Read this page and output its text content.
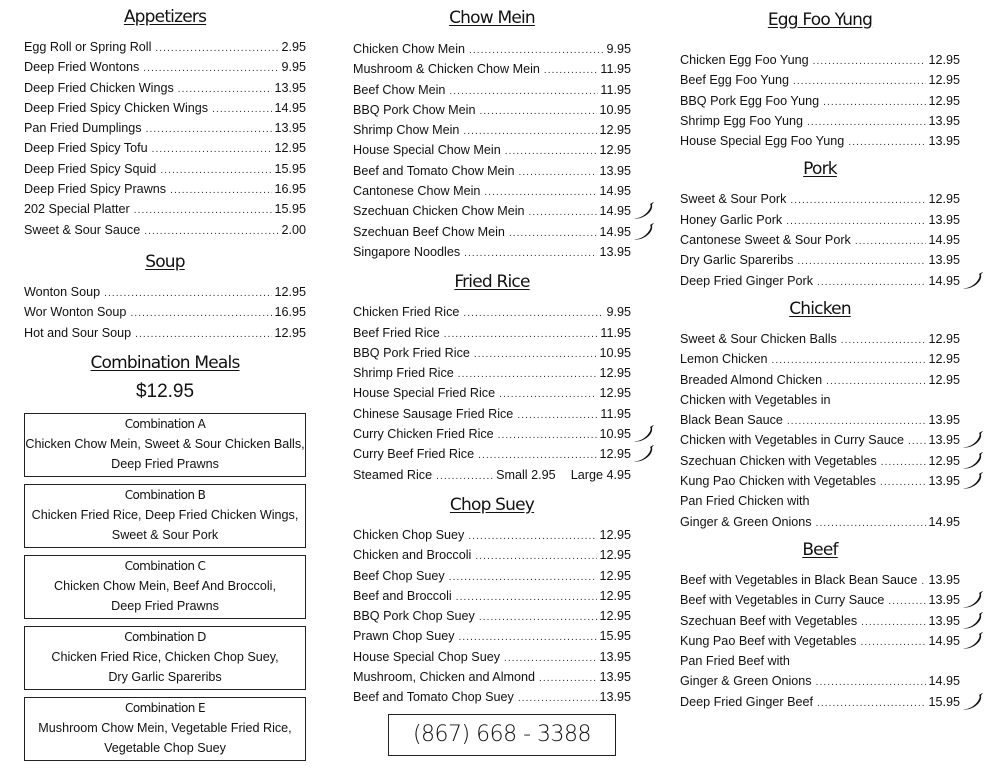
Appetizers
Egg Roll or Spring Roll .....	2.95
Deep Fried Wontons .....	9.95
Deep Fried Chicken Wings .....	13.95
Deep Fried Spicy Chicken Wings .....	14.95
Pan Fried Dumplings .....	13.95
Deep Fried Spicy Tofu .....	12.95
Deep Fried Spicy Squid .....	15.95
Deep Fried Spicy Prawns .....	16.95
202 Special Platter .....	15.95
Sweet & Sour Sauce .....	2.00
Soup
Wonton Soup .....	12.95
Wor Wonton Soup .....	16.95
Hot and Sour Soup .....	12.95
Combination Meals
$12.95
Combination A
Chicken Chow Mein, Sweet & Sour Chicken Balls,
Deep Fried Prawns
Combination B
Chicken Fried Rice, Deep Fried Chicken Wings,
Sweet & Sour Pork
Combination C
Chicken Chow Mein, Beef And Broccoli,
Deep Fried Prawns
Combination D
Chicken Fried Rice, Chicken Chop Suey,
Dry Garlic Spareribs
Combination E
Mushroom Chow Mein, Vegetable Fried Rice,
Vegetable Chop Suey
Chow Mein
Chicken Chow Mein .....	9.95
Mushroom & Chicken Chow Mein .....	11.95
Beef Chow Mein .....	11.95
BBQ Pork Chow Mein .....	10.95
Shrimp Chow Mein .....	12.95
House Special Chow Mein .....	12.95
Beef and Tomato Chow Mein .....	13.95
Cantonese Chow Mein .....	14.95
Szechuan Chicken Chow Mein .....	14.95
Szechuan Beef Chow Mein .....	14.95
Singapore Noodles .....	13.95
Fried Rice
Chicken Fried Rice .....	9.95
Beef Fried Rice .....	11.95
BBQ Pork Fried Rice .....	10.95
Shrimp Fried Rice .....	12.95
House Special Fried Rice .....	12.95
Chinese Sausage Fried Rice .....	11.95
Curry Chicken Fried Rice .....	10.95
Curry Beef Fried Rice .....	12.95
Steamed Rice .....	Small 2.95 Large 4.95
Chop Suey
Chicken Chop Suey .....	12.95
Chicken and Broccoli .....	12.95
Beef Chop Suey .....	12.95
Beef and Broccoli .....	12.95
BBQ Pork Chop Suey .....	12.95
Prawn Chop Suey .....	15.95
House Special Chop Suey .....	13.95
Mushroom, Chicken and Almond .....	13.95
Beef and Tomato Chop Suey .....	13.95
(867) 668 - 3388
Egg Foo Yung
Chicken Egg Foo Yung .....	12.95
Beef Egg Foo Yung .....	12.95
BBQ Pork Egg Foo Yung .....	12.95
Shrimp Egg Foo Yung .....	13.95
House Special Egg Foo Yung .....	13.95
Pork
Sweet & Sour Pork .....	12.95
Honey Garlic Pork .....	13.95
Cantonese Sweet & Sour Pork .....	14.95
Dry Garlic Spareribs .....	13.95
Deep Fried Ginger Pork .....	14.95
Chicken
Sweet & Sour Chicken Balls .....	12.95
Lemon Chicken .....	12.95
Breaded Almond Chicken .....	12.95
Chicken with Vegetables in
Black Bean Sauce .....	13.95
Chicken with Vegetables in Curry Sauce ..... 13.95
Szechuan Chicken with Vegetables .....	12.95
Kung Pao Chicken with Vegetables .....	13.95
Pan Fried Chicken with
Ginger & Green Onions .....	14.95
Beef
Beef with Vegetables in Black Bean Sauce ..... 13.95
Beef with Vegetables in Curry Sauce .....	13.95
Szechuan Beef with Vegetables .....	13.95
Kung Pao Beef with Vegetables .....	14.95
Pan Fried Beef with
Ginger & Green Onions .....	14.95
Deep Fried Ginger Beef .....	15.95
